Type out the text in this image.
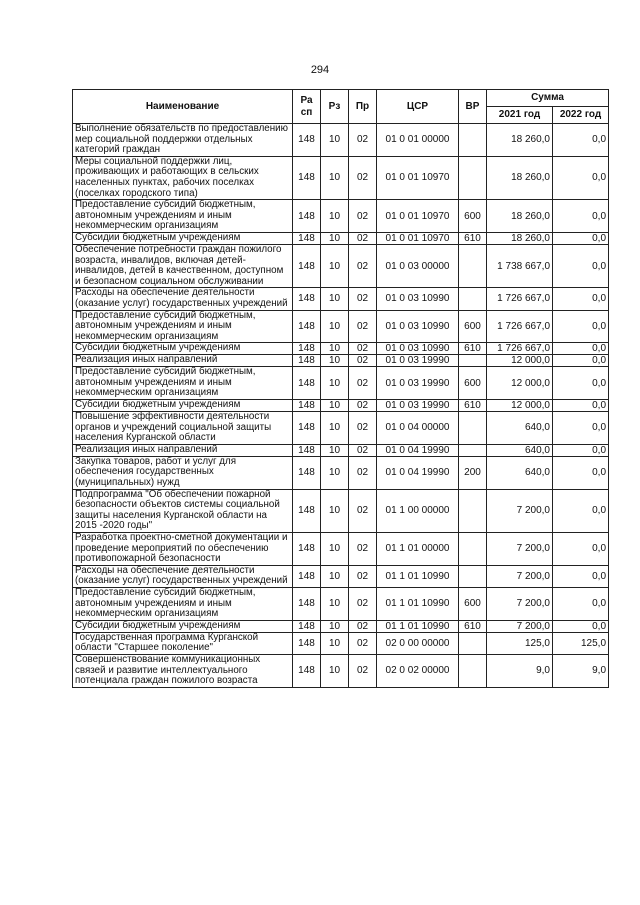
294
Наименование	Ра сп	Рз	Пр	ЦСР	ВР	Сумма	
						2021 год	2022 год
Выполнение обязательств по предоставлению мер социальной поддержки отдельных категорий граждан	148	10	02	01 0 01 00000		18 260,0	0,0
Меры социальной поддержки лиц, проживающих и работающих в сельских населенных пунктах, рабочих поселках (поселках городского типа)	148	10	02	01 0 01 10970		18 260,0	0,0
Предоставление субсидий бюджетным, автономным учреждениям и иным некоммерческим организациям	148	10	02	01 0 01 10970	600	18 260,0	0,0
Субсидии бюджетным учреждениям	148	10	02	01 0 01 10970	610	18 260,0	0,0
Обеспечение потребности граждан пожилого возраста, инвалидов, включая детей-инвалидов, детей в качественном, доступном и безопасном социальном обслуживании	148	10	02	01 0 03 00000		1 738 667,0	0,0
Расходы на обеспечение деятельности (оказание услуг) государственных учреждений	148	10	02	01 0 03 10990		1 726 667,0	0,0
Предоставление субсидий бюджетным, автономным учреждениям и иным некоммерческим организациям	148	10	02	01 0 03 10990	600	1 726 667,0	0,0
Субсидии бюджетным учреждениям	148	10	02	01 0 03 10990	610	1 726 667,0	0,0
Реализация иных направлений	148	10	02	01 0 03 19990		12 000,0	0,0
Предоставление субсидий бюджетным, автономным учреждениям и иным некоммерческим организациям	148	10	02	01 0 03 19990	600	12 000,0	0,0
Субсидии бюджетным учреждениям	148	10	02	01 0 03 19990	610	12 000,0	0,0
Повышение эффективности деятельности органов и учреждений социальной защиты населения Курганской области	148	10	02	01 0 04 00000		640,0	0,0
Реализация иных направлений	148	10	02	01 0 04 19990		640,0	0,0
Закупка товаров, работ и услуг для обеспечения государственных (муниципальных) нужд	148	10	02	01 0 04 19990	200	640,0	0,0
Подпрограмма "Об обеспечении пожарной безопасности объектов системы социальной защиты населения Курганской области на 2015 -2020 годы"	148	10	02	01 1 00 00000		7 200,0	0,0
Разработка проектно-сметной документации и проведение мероприятий по обеспечению противопожарной безопасности	148	10	02	01 1 01 00000		7 200,0	0,0
Расходы на обеспечение деятельности (оказание услуг) государственных учреждений	148	10	02	01 1 01 10990		7 200,0	0,0
Предоставление субсидий бюджетным, автономным учреждениям и иным некоммерческим организациям	148	10	02	01 1 01 10990	600	7 200,0	0,0
Субсидии бюджетным учреждениям	148	10	02	01 1 01 10990	610	7 200,0	0,0
Государственная программа Курганской области "Старшее поколение"	148	10	02	02 0 00 00000		125,0	125,0
Совершенствование коммуникационных связей и развитие интеллектуального потенциала граждан пожилого возраста	148	10	02	02 0 02 00000		9,0	9,0
